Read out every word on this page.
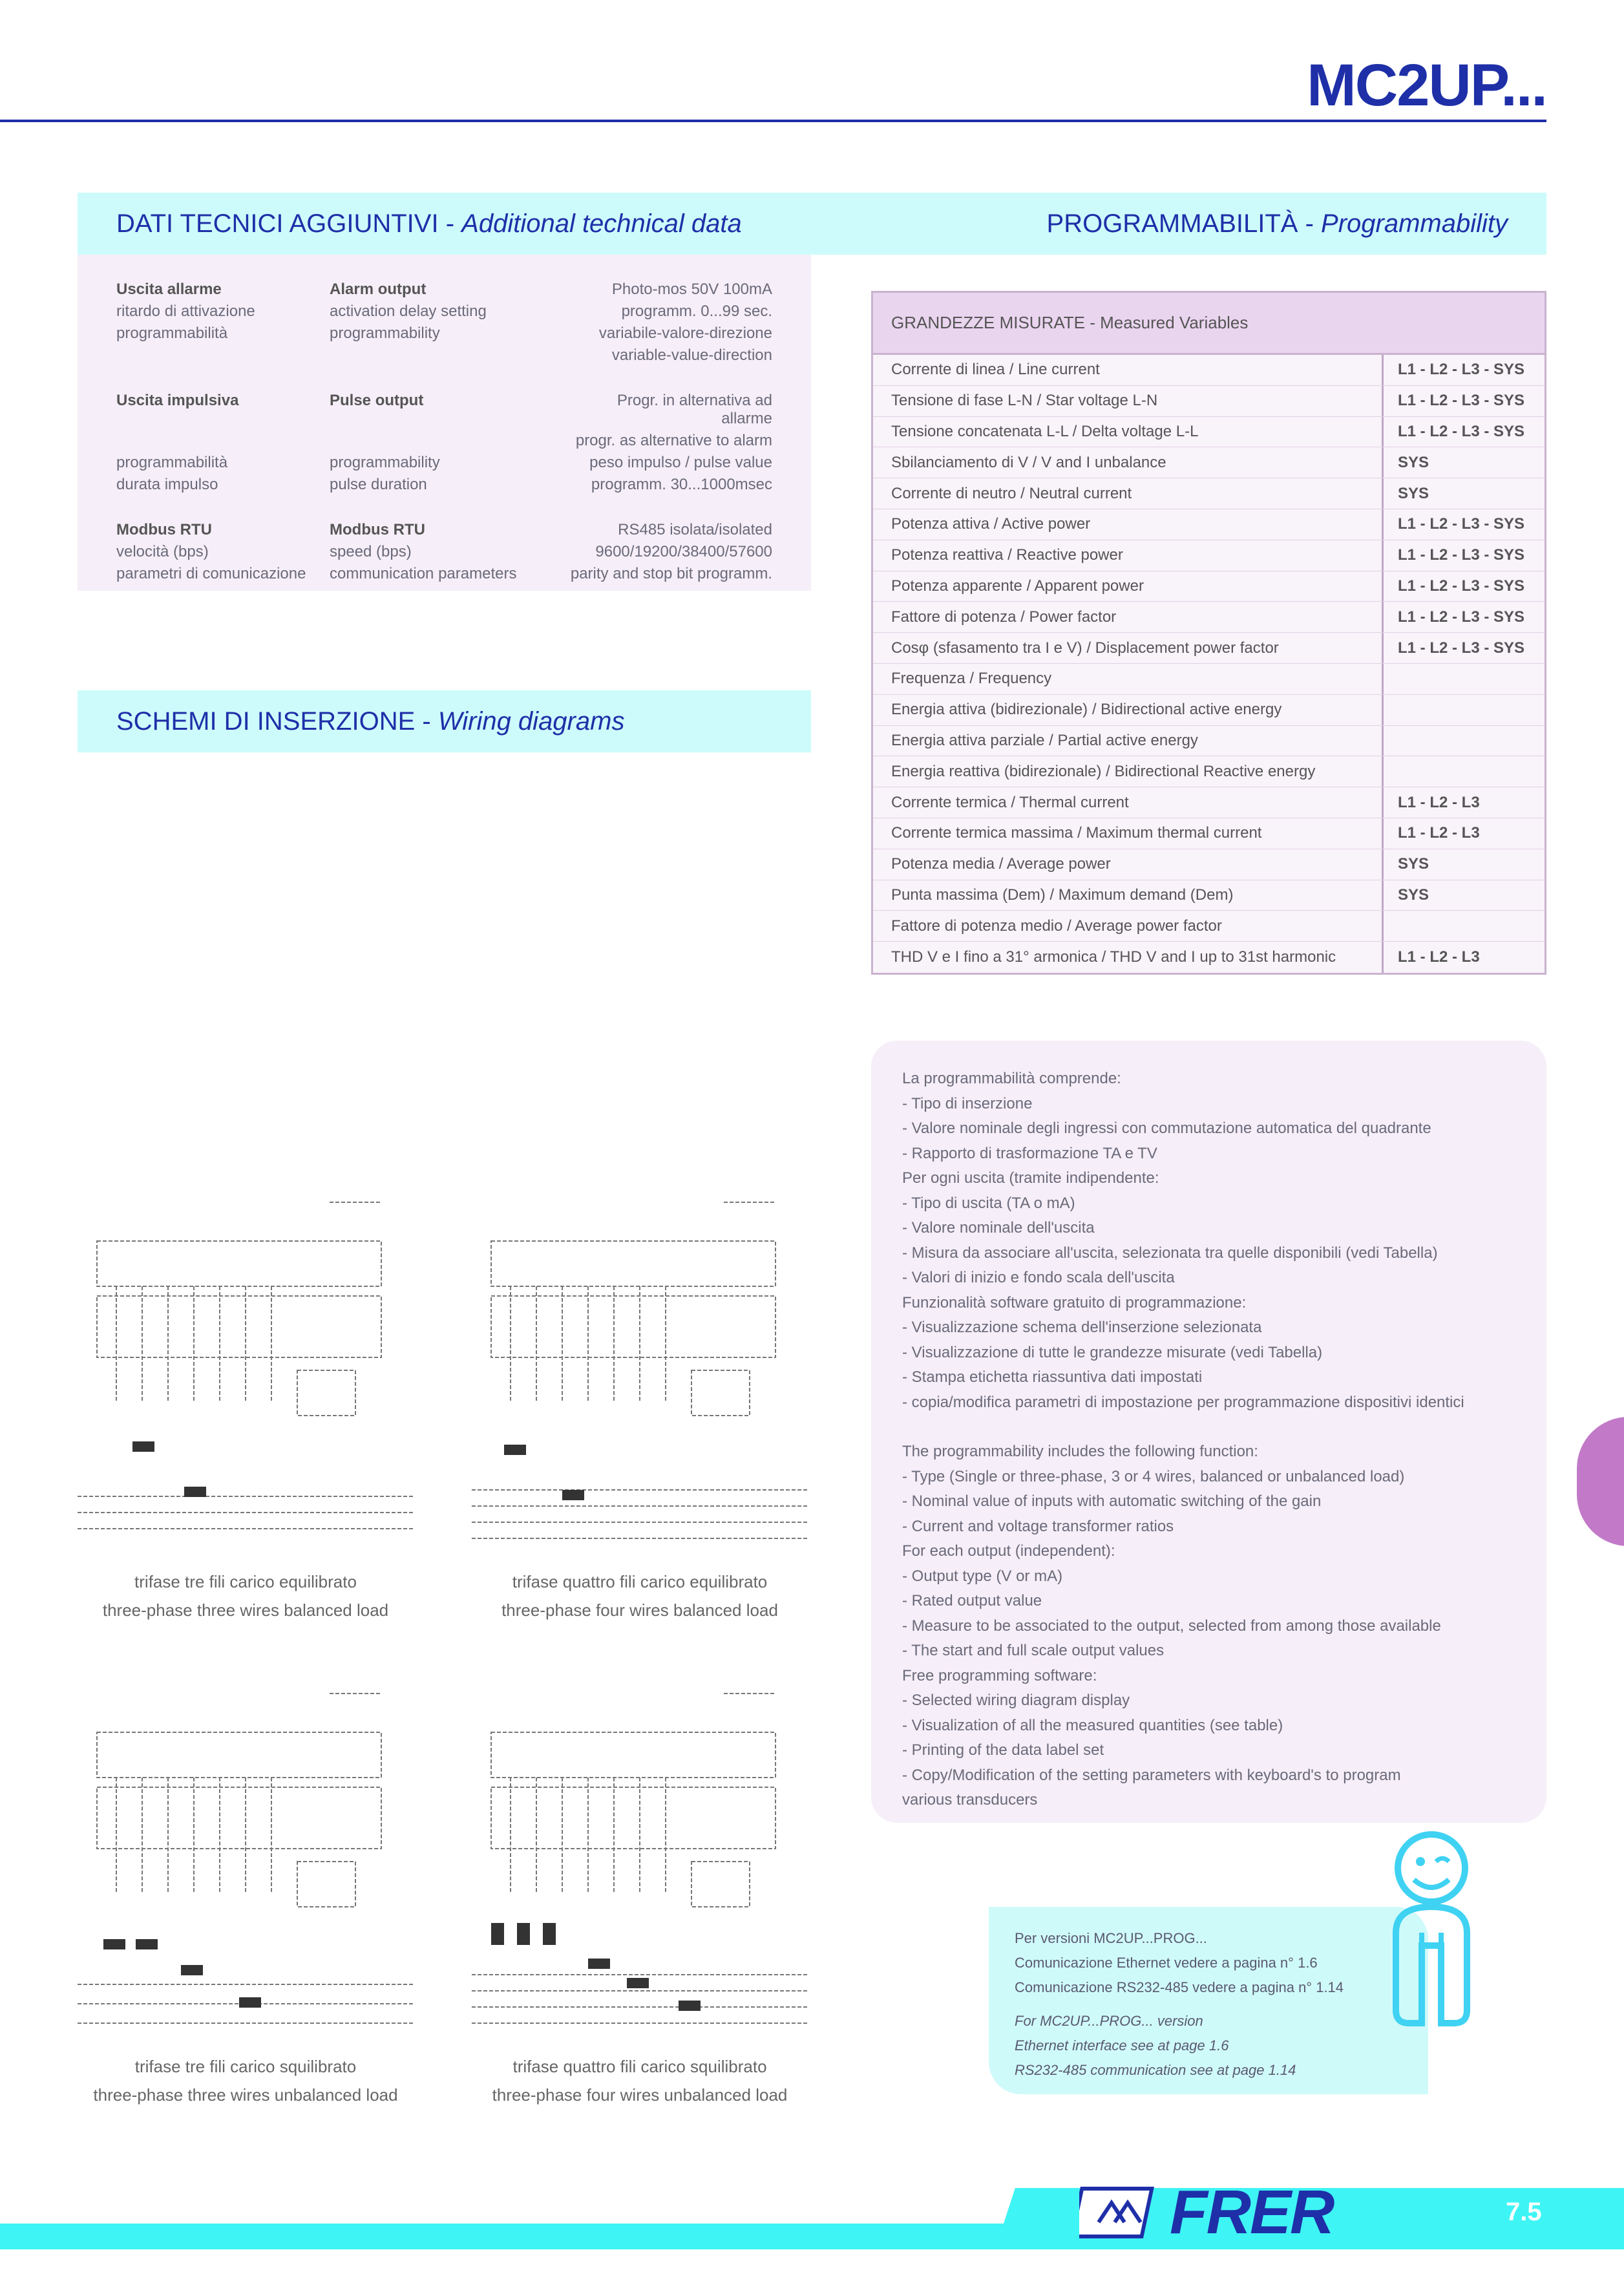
MC2UP...
DATI TECNICI AGGIUNTIVI - Additional technical data	PROGRAMMABILITÀ - Programmability
Uscita allarme	Alarm output	Photo-mos 50V 100mA
ritardo di attivazione	activation delay setting	programm. 0...99 sec.
programmabilità	programmability	variabile-valore-direzione
variable-value-direction
Uscita impulsiva	Pulse output	Progr. in alternativa ad allarme
progr. as alternative to alarm
programmabilità	programmability	peso impulso / pulse value
durata impulso	pulse duration	programm. 30...1000msec
Modbus RTU	Modbus RTU	RS485 isolata/isolated
velocità (bps)	speed (bps)	9600/19200/38400/57600
parametri di comunicazione	communication parameters	parity and stop bit programm.
GRANDEZZE MISURATE - Measured Variables
Corrente di linea / Line current	L1 - L2 - L3 - SYS
Tensione di fase L-N / Star voltage L-N	L1 - L2 - L3 - SYS
Tensione concatenata L-L / Delta voltage L-L	L1 - L2 - L3 - SYS
Sbilanciamento di V / V and I unbalance	SYS
Corrente di neutro / Neutral current	SYS
Potenza attiva / Active power	L1 - L2 - L3 - SYS
Potenza reattiva / Reactive power	L1 - L2 - L3 - SYS
Potenza apparente / Apparent power	L1 - L2 - L3 - SYS
Fattore di potenza / Power factor	L1 - L2 - L3 - SYS
Cosφ (sfasamento tra I e V) / Displacement power factor	L1 - L2 - L3 - SYS
Frequenza / Frequency
Energia attiva (bidirezionale) / Bidirectional active energy
Energia attiva parziale / Partial active energy
Energia reattiva (bidirezionale) / Bidirectional Reactive energy
Corrente termica / Thermal current	L1 - L2 - L3
Corrente termica massima / Maximum thermal current	L1 - L2 - L3
Potenza media / Average power	SYS
Punta massima (Dem) / Maximum demand (Dem)	SYS
Fattore di potenza medio / Average power factor
THD V e I fino a 31° armonica / THD V and I up to 31st harmonic	L1 - L2 - L3
La programmabilità comprende:
- Tipo di inserzione
- Valore nominale degli ingressi con commutazione automatica del quadrante
- Rapporto di trasformazione TA e TV
Per ogni uscita (tramite indipendente:
- Tipo di uscita (TA o mA)
- Valore nominale dell'uscita
- Misura da associare all'uscita, selezionata tra quelle disponibili (vedi Tabella)
- Valori di inizio e fondo scala dell'uscita
Funzionalità software gratuito di programmazione:
- Visualizzazione schema dell'inserzione selezionata
- Visualizzazione di tutte le grandezze misurate (vedi Tabella)
- Stampa etichetta riassuntiva dati impostati
- copia/modifica parametri di impostazione per programmazione dispositivi identici
The programmability includes the following function:
- Type (Single or three-phase, 3 or 4 wires, balanced or unbalanced load)
- Nominal value of inputs with automatic switching of the gain
- Current and voltage transformer ratios
For each output (independent):
- Output type (V or mA)
- Rated output value
- Measure to be associated to the output, selected from among those available
- The start and full scale output values
Free programming software:
- Selected wiring diagram display
- Visualization of all the measured quantities (see table)
- Printing of the data label set
- Copy/Modification of the setting parameters with keyboard's to program
various transducers
SCHEMI DI INSERZIONE -
Wiring diagrams
trifase tre fili carico equilibrato
three-phase three wires balanced load
trifase quattro fili carico equilibrato
three-phase four wires balanced load
trifase tre fili carico squilibrato
three-phase three wires unbalanced load
trifase quattro fili carico squilibrato
three-phase four wires unbalanced load
Per versioni MC2UP...PROG...
Comunicazione Ethernet vedere a pagina n° 1.6
Comunicazione RS232-485 vedere a pagina n° 1.14
For MC2UP...PROG... version
Ethernet interface see at page 1.6
RS232-485 communication see at page 1.14
FRER	7.5
